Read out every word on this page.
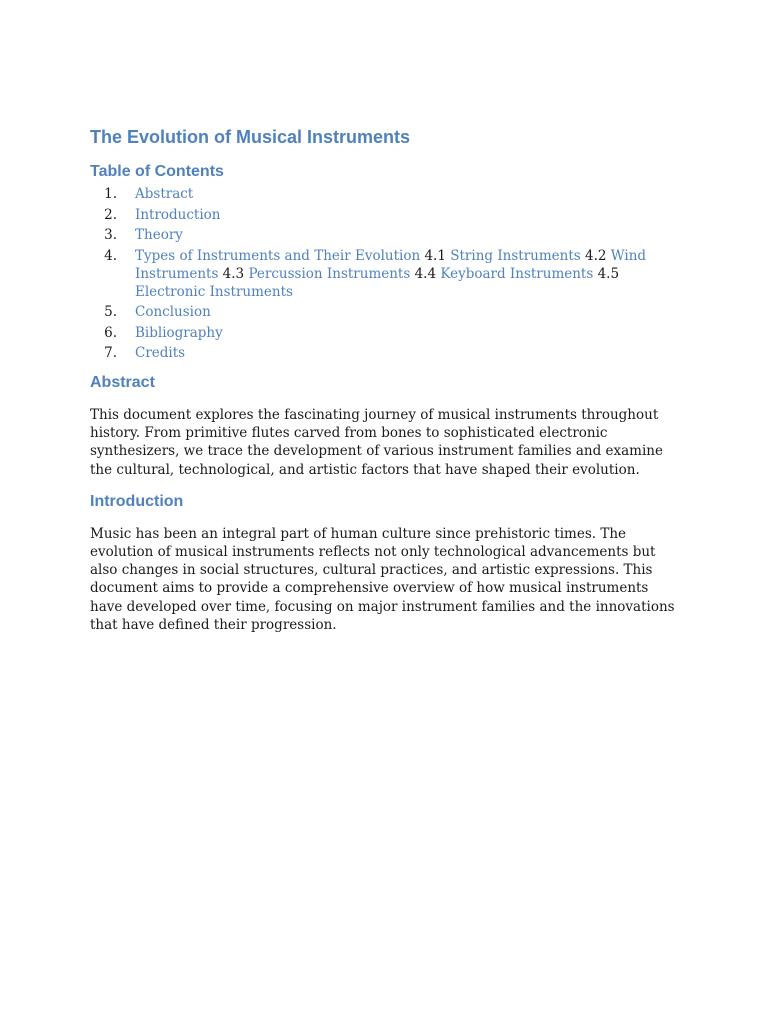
The Evolution of Musical Instruments
Table of Contents
1.	Abstract
2.	Introduction
3.	Theory
4.	Types of Instruments and Their Evolution 4.1 String Instruments 4.2 Wind Instruments 4.3 Percussion Instruments 4.4 Keyboard Instruments 4.5 Electronic Instruments
5.	Conclusion
6.	Bibliography
7.	Credits
Abstract

This document explores the fascinating journey of musical instruments throughout history. From primitive flutes carved from bones to sophisticated electronic synthesizers, we trace the development of various instrument families and examine the cultural, technological, and artistic factors that have shaped their evolution.

Introduction

Music has been an integral part of human culture since prehistoric times. The evolution of musical instruments reflects not only technological advancements but also changes in social structures, cultural practices, and artistic expressions. This document aims to provide a comprehensive overview of how musical instruments have developed over time, focusing on major instrument families and the innovations that have defined their progression.
